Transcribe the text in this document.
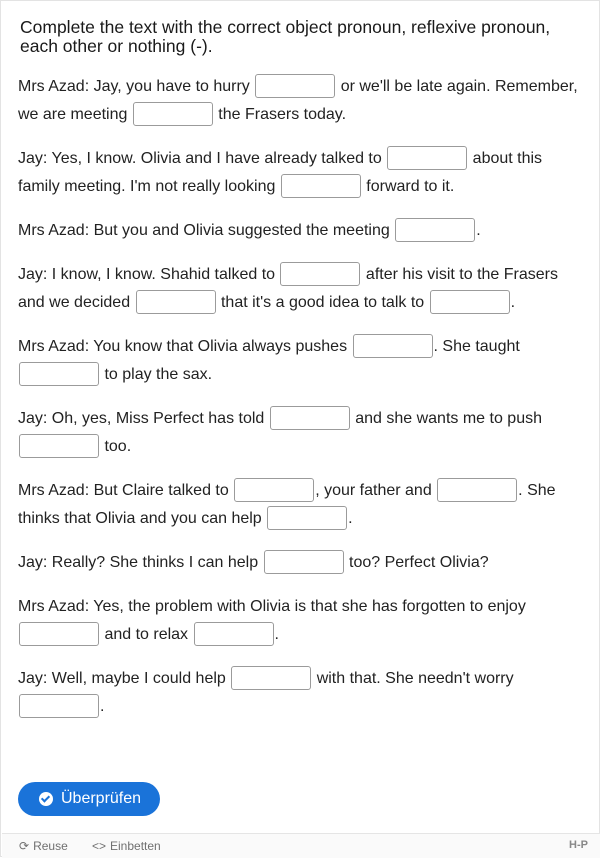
Complete the text with the correct object pronoun, reflexive pronoun, each other or nothing (-).
Mrs Azad: Jay, you have to hurry	or we'll be late again. Remember, we are meeting	the Frasers today.
Jay: Yes, I know. Olivia and I have already talked to	about this family meeting. I'm not really looking	forward to it.
Mrs Azad: But you and Olivia suggested the meeting	.
Jay: I know, I know. Shahid talked to	after his visit to the Frasers and we decided	that it's a good idea to talk to	.
Mrs Azad: You know that Olivia always pushes	. She taught  to play the sax.
Jay: Oh, yes, Miss Perfect has told	and she wants me to push  too.
Mrs Azad: But Claire talked to	, your father and	. She thinks that Olivia and you can help	.
Jay: Really? She thinks I can help	too? Perfect Olivia?
Mrs Azad: Yes, the problem with Olivia is that she has forgotten to enjoy  and to relax	.
Jay: Well, maybe I could help	with that. She needn't worry .
Überprüfen
⟳ Reuse <> Einbetten	H-P
